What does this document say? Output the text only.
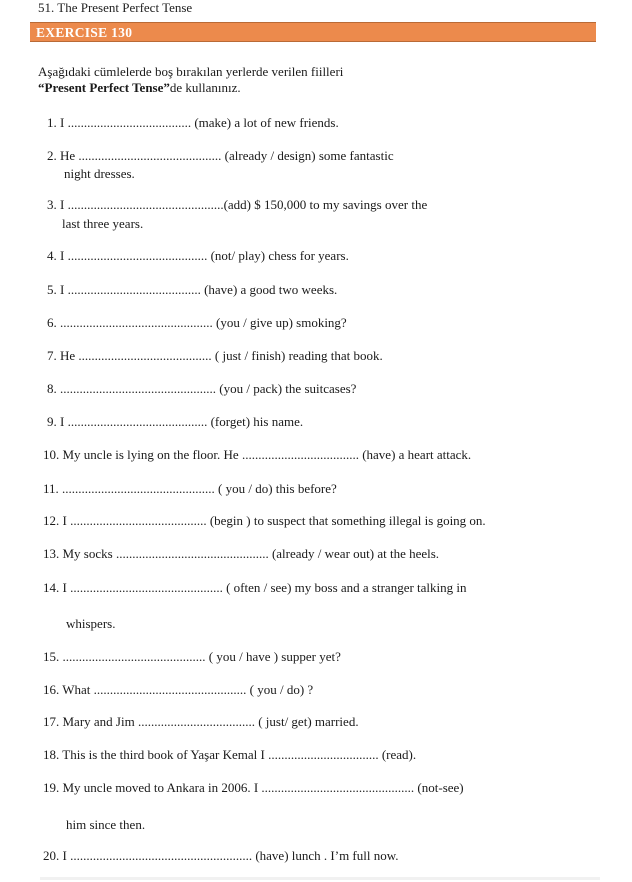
51. The Present Perfect Tense
EXERCISE 130
Aşağıdaki cümlelerde boş bırakılan yerlerde verilen fiilleri
“Present Perfect Tense”de kullanınız.
1. I ...................................... (make) a lot of new friends.
2. He ............................................ (already / design) some fantastic
night dresses.
3. I ................................................(add) $ 150,000 to my savings over the
last three years.
4. I ........................................... (not/ play) chess for years.
5. I ......................................... (have) a good two weeks.
6. ............................................... (you / give up) smoking?
7. He ......................................... ( just / finish) reading that book.
8. ................................................ (you / pack) the suitcases?
9. I ........................................... (forget) his name.
10. My uncle is lying on the floor. He .................................... (have) a heart attack.
11. ............................................... ( you / do) this before?
12. I .......................................... (begin ) to suspect that something illegal is going on.
13. My socks ............................................... (already / wear out) at the heels.
14. I ............................................... ( often / see) my boss and a stranger talking in
whispers.
15. ............................................ ( you / have ) supper yet?
16. What ............................................... ( you / do) ?
17. Mary and Jim .................................... ( just/ get) married.
18. This is the third book of Yaşar Kemal I .................................. (read).
19. My uncle moved to Ankara in 2006. I ............................................... (not-see)
him since then.
20. I ........................................................ (have) lunch . I’m full now.
